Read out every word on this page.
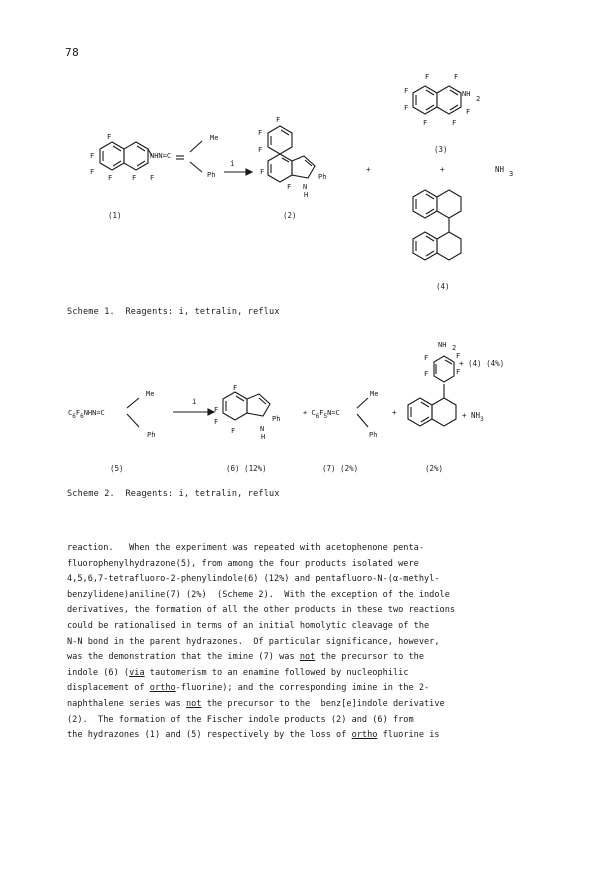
78
F
F
F
F	F F
NHN=C
Me
Ph
F
F
F
F
F
Ph
N
H
F	F
F
F
F	F
F
NH
2
i
+	+	NH 3
(1)	(2)
(3)
(4)
Scheme 1.  Reagents: i, tetralin, reflux
C6F6NHN=C
Me
Ph
F
F
F
F
Ph
N
H
+ C6F5N=C
Me
Ph
NH 2
F	F
F	F
i
+
+ (4) (4%)
+ $NH_3$
(5)	(6) (12%)	(7) (2%)	(2%)
Scheme 2.  Reagents: i, tetralin, reflux
reaction.   When the experiment was repeated with acetophenone penta-
fluorophenylhydrazone(5), from among the four products isolated were
4,5,6,7-tetrafluoro-2-phenylindole(6) (12%) and pentafluoro-N-(α-methyl-
benzylidene)aniline(7) (2%)  (Scheme 2).  With the exception of the indole
derivatives, the formation of all the other products in these two reactions
could be rationalised in terms of an initial homolytic cleavage of the
N-N bond in the parent hydrazones.  Of particular significance, however,
was the demonstration that the imine (7) was not the precursor to the
indole (6) (via tautomerism to an enamine followed by nucleophilic
displacement of ortho-fluorine); and the corresponding imine in the 2-
naphthalene series was not the precursor to the  benz[e]indole derivative
(2).  The formation of the Fischer indole products (2) and (6) from
the hydrazones (1) and (5) respectively by the loss of ortho fluorine is
